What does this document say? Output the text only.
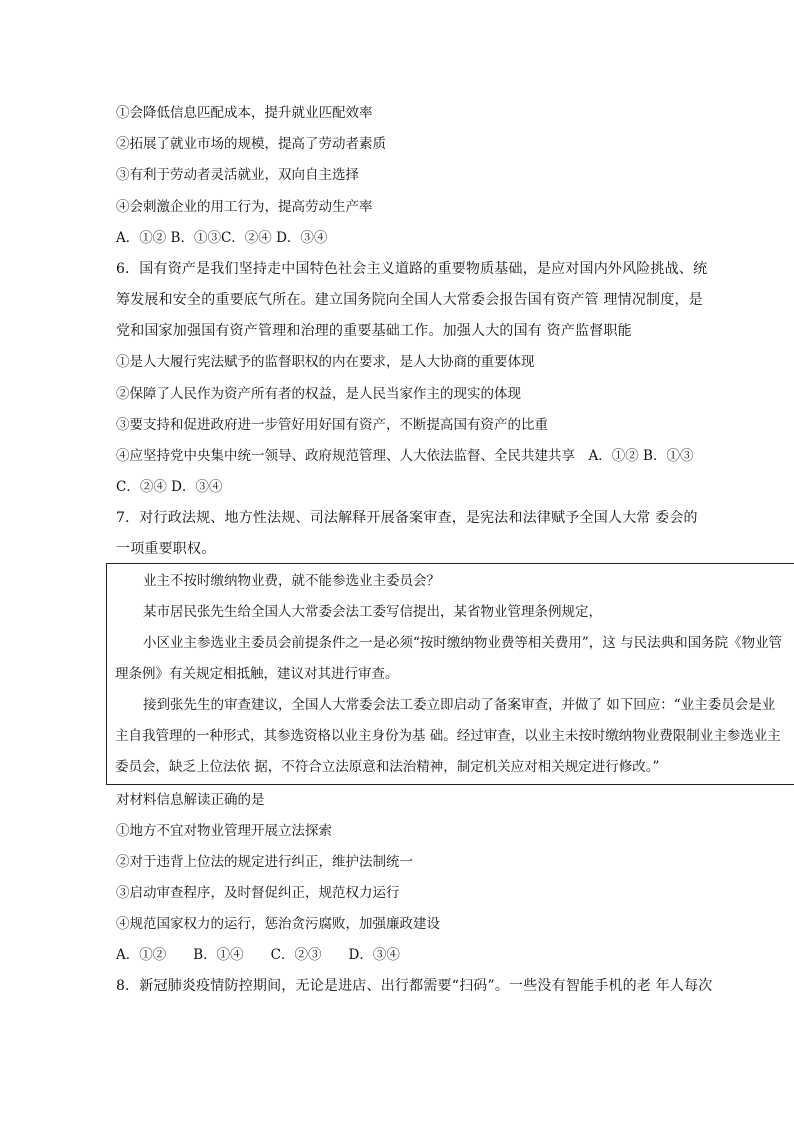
①会降低信息匹配成本，提升就业匹配效率
②拓展了就业市场的规模，提高了劳动者素质
③有利于劳动者灵活就业，双向自主选择
④会刺激企业的用工行为，提高劳动生产率
A．①② B．①③C．②④ D．③④
6．国有资产是我们坚持走中国特色社会主义道路的重要物质基础，是应对国内外风险挑战、统
筹发展和安全的重要底气所在。建立国务院向全国人大常委会报告国有资产管 理情况制度，是
党和国家加强国有资产管理和治理的重要基础工作。加强人大的国有 资产监督职能
①是人大履行宪法赋予的监督职权的内在要求，是人大协商的重要体现
②保障了人民作为资产所有者的权益，是人民当家作主的现实的体现
③要支持和促进政府进一步管好用好国有资产，不断提高国有资产的比重
④应坚持党中央集中统一领导、政府规范管理、人大依法监督、全民共建共享　A．①② B．①③
C．②④ D．③④
7．对行政法规、地方性法规、司法解释开展备案审查，是宪法和法律赋予全国人大常 委会的
一项重要职权。
业主不按时缴纳物业费，就不能参选业主委员会？
某市居民张先生给全国人大常委会法工委写信提出，某省物业管理条例规定，
小区业主参选业主委员会前提条件之一是必须“按时缴纳物业费等相关费用”，这 与民法典和国务院《物业管
理条例》有关规定相抵触，建议对其进行审查。
接到张先生的审查建议，全国人大常委会法工委立即启动了备案审查，并做了 如下回应：“业主委员会是业
主自我管理的一种形式，其参选资格以业主身份为基 础。经过审查，以业主未按时缴纳物业费限制业主参选业主
委员会，缺乏上位法依 据，不符合立法原意和法治精神，制定机关应对相关规定进行修改。”
对材料信息解读正确的是
①地方不宜对物业管理开展立法探索
②对于违背上位法的规定进行纠正，维护法制统一
③启动审查程序，及时督促纠正，规范权力运行
④规范国家权力的运行，惩治贪污腐败，加强廉政建设
A．①②　　B．①④　　C．②③　　D．③④
8．新冠肺炎疫情防控期间，无论是进店、出行都需要“扫码”。一些没有智能手机的老 年人每次
